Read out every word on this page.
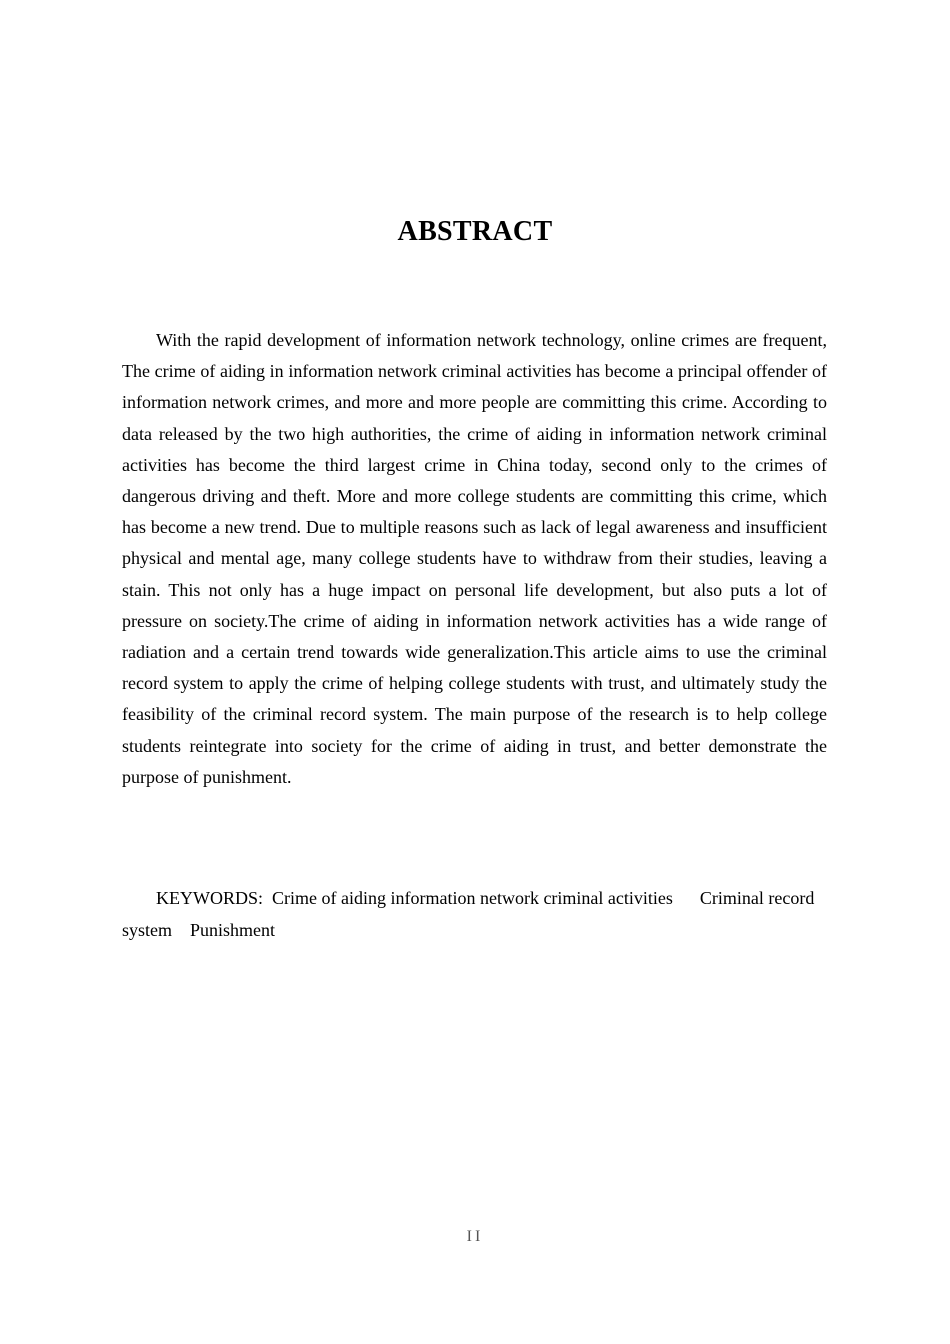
ABSTRACT

With the rapid development of information network technology, online crimes are frequent, The crime of aiding in information network criminal activities has become a principal offender of information network crimes, and more and more people are committing this crime. According to data released by the two high authorities, the crime of aiding in information network criminal activities has become the third largest crime in China today, second only to the crimes of dangerous driving and theft. More and more college students are committing this crime, which has become a new trend. Due to multiple reasons such as lack of legal awareness and insufficient physical and mental age, many college students have to withdraw from their studies, leaving a stain. This not only has a huge impact on personal life development, but also puts a lot of pressure on society.The crime of aiding in information network activities has a wide range of radiation and a certain trend towards wide generalization.This article aims to use the criminal record system to apply the crime of helping college students with trust, and ultimately study the feasibility of the criminal record system. The main purpose of the research is to help college students reintegrate into society for the crime of aiding in trust, and better demonstrate the purpose of punishment.

KEYWORDS:  Crime of aiding information network criminal activities      Criminal record  system    Punishment

II
